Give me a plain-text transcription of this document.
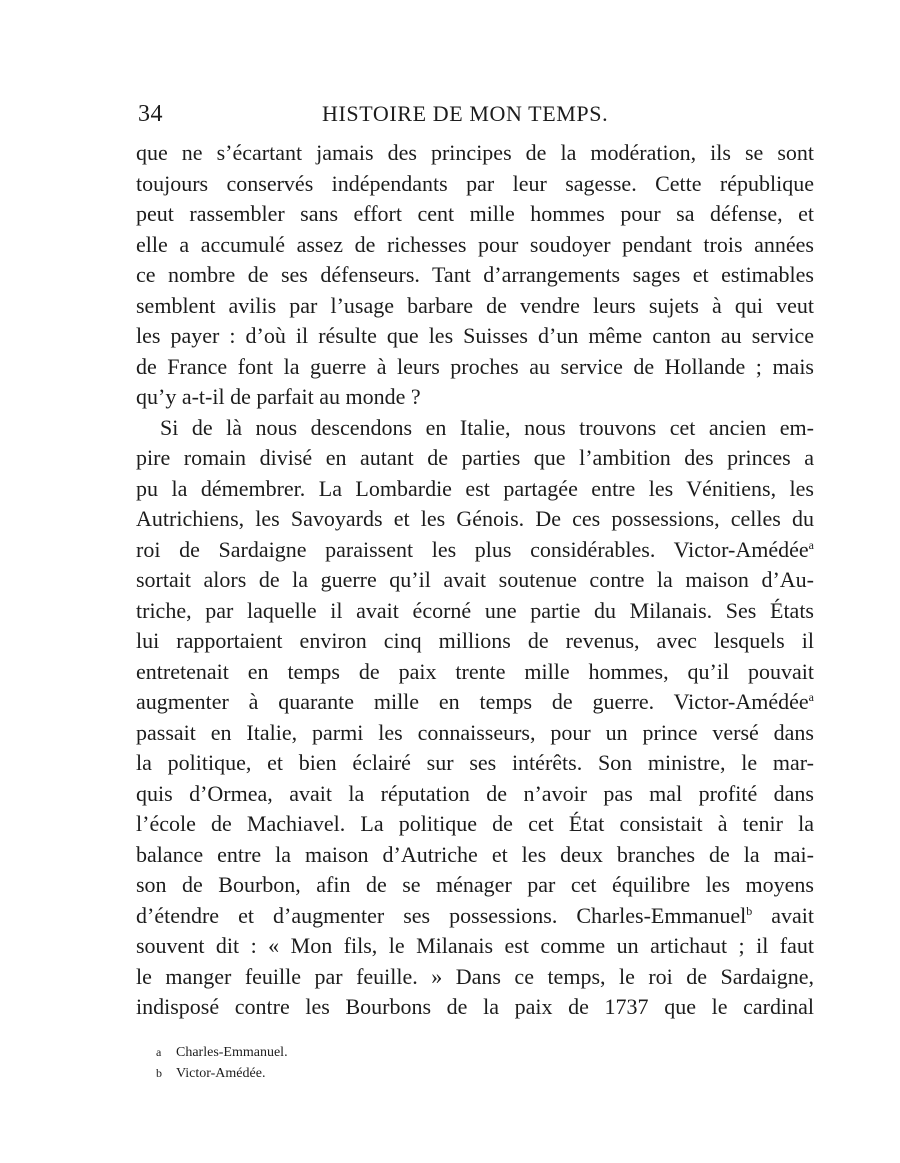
34	HISTOIRE DE MON TEMPS.
que ne s’écartant jamais des principes de la modération, ils se sont
toujours conservés indépendants par leur sagesse. Cette république
peut rassembler sans effort cent mille hommes pour sa défense, et
elle a accumulé assez de richesses pour soudoyer pendant trois années
ce nombre de ses défenseurs. Tant d’arrangements sages et estimables
semblent avilis par l’usage barbare de vendre leurs sujets à qui veut
les payer : d’où il résulte que les Suisses d’un même canton au service
de France font la guerre à leurs proches au service de Hollande ; mais
qu’y a-t-il de parfait au monde ?
Si de là nous descendons en Italie, nous trouvons cet ancien em-
pire romain divisé en autant de parties que l’ambition des princes a
pu la démembrer. La Lombardie est partagée entre les Vénitiens, les
Autrichiens, les Savoyards et les Génois. De ces possessions, celles du
roi de Sardaigne paraissent les plus considérables. Victor-Amédée$^a$
sortait alors de la guerre qu’il avait soutenue contre la maison d’Au-
triche, par laquelle il avait écorné une partie du Milanais. Ses États
lui rapportaient environ cinq millions de revenus, avec lesquels il
entretenait en temps de paix trente mille hommes, qu’il pouvait
augmenter à quarante mille en temps de guerre. Victor-Amédée$^a$
passait en Italie, parmi les connaisseurs, pour un prince versé dans
la politique, et bien éclairé sur ses intérêts. Son ministre, le mar-
quis d’Ormea, avait la réputation de n’avoir pas mal profité dans
l’école de Machiavel. La politique de cet État consistait à tenir la
balance entre la maison d’Autriche et les deux branches de la mai-
son de Bourbon, afin de se ménager par cet équilibre les moyens
d’étendre et d’augmenter ses possessions. Charles-Emmanuel$^b$ avait
souvent dit : « Mon fils, le Milanais est comme un artichaut ; il faut
le manger feuille par feuille. » Dans ce temps, le roi de Sardaigne,
indisposé contre les Bourbons de la paix de 1737 que le cardinal
a Charles-Emmanuel.
b Victor-Amédée.
